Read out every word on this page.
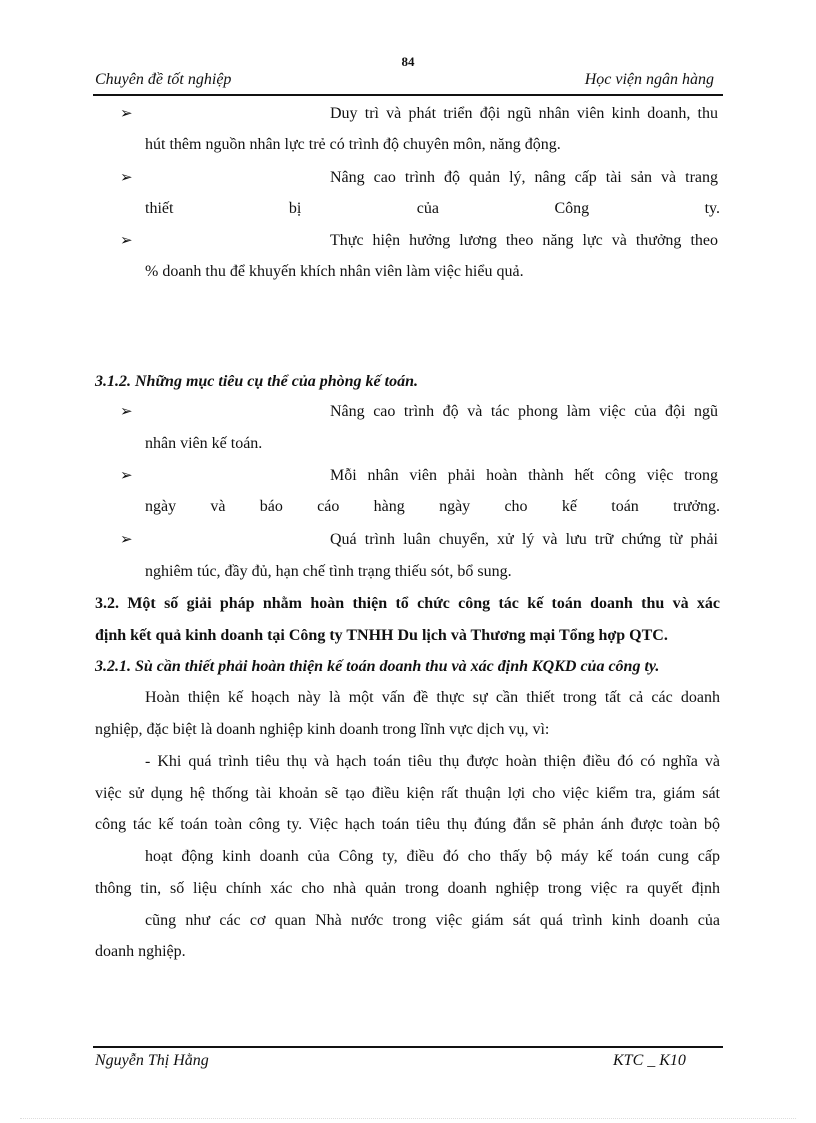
84
Chuyên đề tốt nghiệp	Học viện ngân hàng
➢	Duy trì và phát triển đội ngũ nhân viên kinh doanh, thu
hút thêm nguồn nhân lực trẻ có trình độ chuyên môn, năng động.
➢	Nâng cao trình độ quản lý, nâng cấp tài sản và trang
thiết bị của Công ty.
➢	Thực hiện hưởng lương theo năng lực và thưởng theo
% doanh thu để khuyến khích nhân viên làm việc hiểu quả.
3.1.2. Những mục tiêu cụ thể của phòng kế toán.
➢	Nâng cao trình độ và tác phong làm việc của đội ngũ
nhân viên kế toán.
➢	Mỗi nhân viên phải hoàn thành hết công việc trong
ngày và báo cáo hàng ngày cho kế toán trưởng.
➢	Quá trình luân chuyển, xử lý và lưu trữ chứng từ phải
nghiêm túc, đầy đủ, hạn chế tình trạng thiếu sót, bổ sung.
3.2. Một số giải pháp nhằm hoàn thiện tổ chức công tác kế toán doanh thu và xác
định kết quả kinh doanh tại Công ty TNHH Du lịch và Thương mại Tổng hợp QTC.
3.2.1. Sù cần thiết phải hoàn thiện kế toán doanh thu và xác định KQKD của công ty.
Hoàn thiện kế hoạch này là một vấn đề thực sự cần thiết trong tất cả các doanh
nghiệp, đặc biệt là doanh nghiệp kinh doanh trong lĩnh vực dịch vụ, vì:
- Khi quá trình tiêu thụ và hạch toán tiêu thụ được hoàn thiện điều đó có nghĩa và
việc sử dụng hệ thống tài khoản sẽ tạo điều kiện rất thuận lợi cho việc kiểm tra, giám sát
công tác kế toán toàn công ty. Việc hạch toán tiêu thụ đúng đắn sẽ phản ánh được toàn bộ
hoạt động kinh doanh của Công ty, điều đó cho thấy bộ máy kế toán cung cấp
thông tin, số liệu chính xác cho nhà quản trong doanh nghiệp trong việc ra quyết định
cũng như các cơ quan Nhà nước trong việc giám sát quá trình kinh doanh của
doanh nghiệp.
Nguyễn Thị Hằng	KTC _ K10
